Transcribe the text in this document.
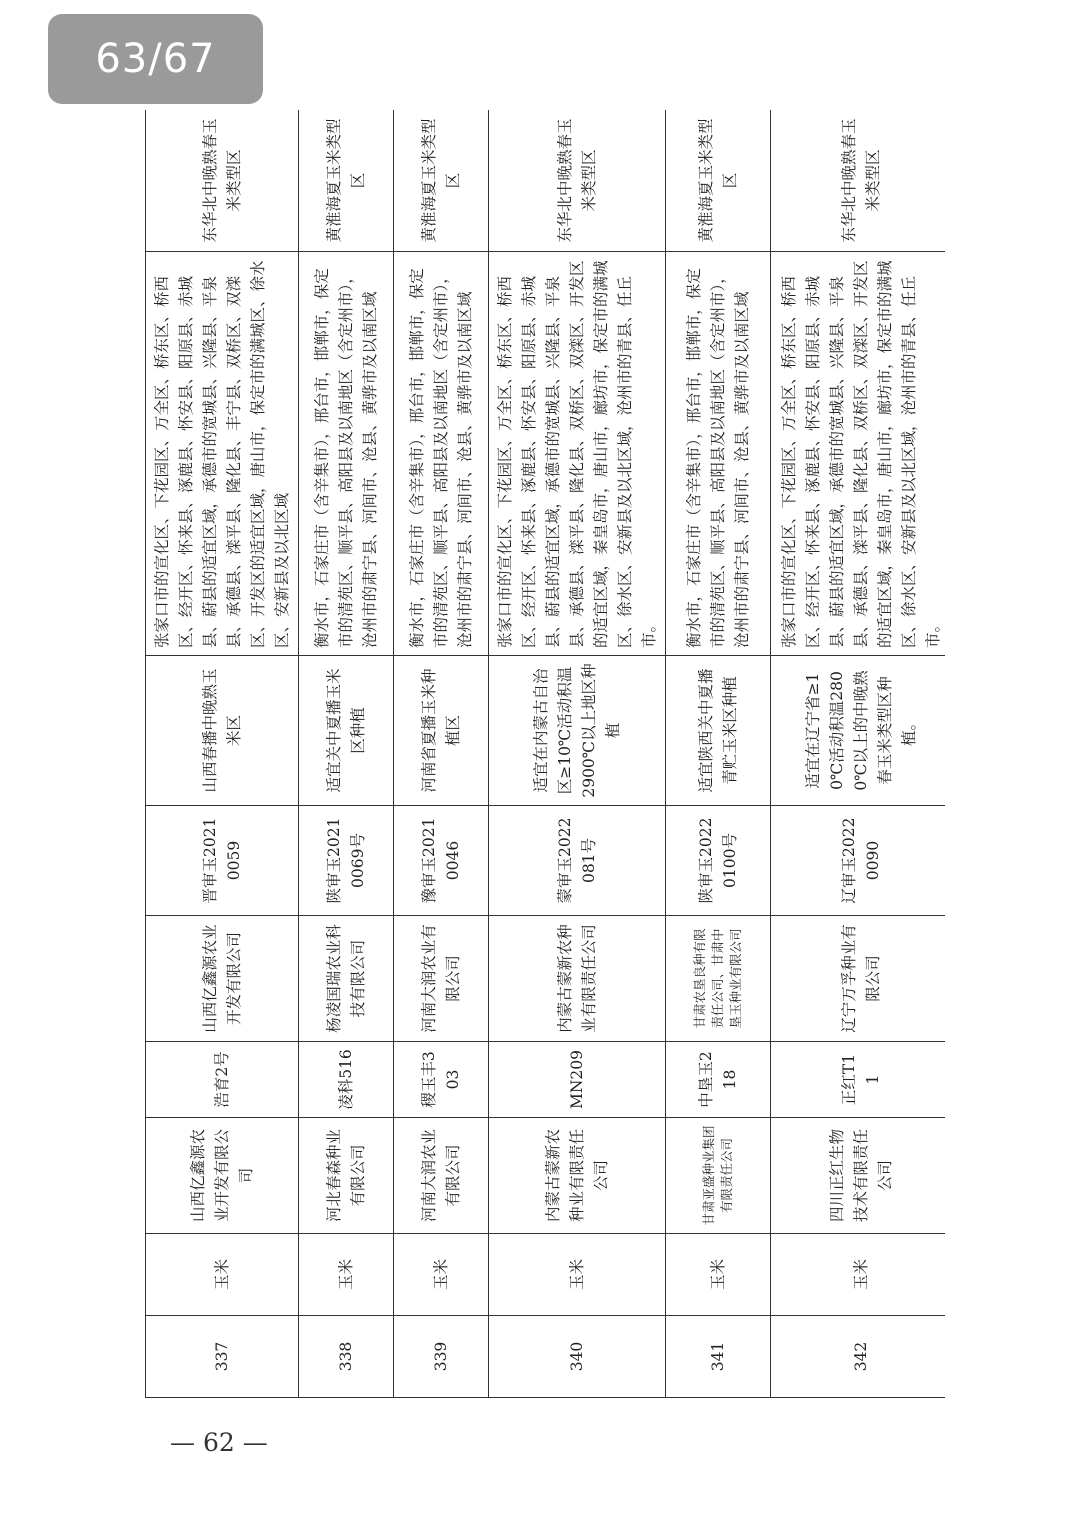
63/67
337	玉米	山西亿鑫源农业开发有限公司	浩育2号	山西亿鑫源农业开发有限公司	晋审玉20210059	山西春播中晚熟玉米区	张家口市的宣化区、下花园区、万全区、桥东区、桥西区、经开区、怀来县、涿鹿县、怀安县、阳原县、赤城县、蔚县的适宜区域，承德市的宽城县、兴隆县、平泉县、承德县、滦平县、隆化县、丰宁县、双桥区、双滦区、开发区的适宜区域，唐山市，保定市的满城区、徐水区、安新县及以北区域	东华北中晚熟春玉米类型区
338	玉米	河北春森种业有限公司	凌科516	杨凌国瑞农业科技有限公司	陕审玉20210069号	适宜关中夏播玉米区种植	衡水市，石家庄市（含辛集市），邢台市，邯郸市，保定市的清苑区、顺平县、高阳县及以南地区（含定州市），沧州市的肃宁县、河间市、沧县、黄骅市及以南区域	黄淮海夏玉米类型区
339	玉米	河南大润农业有限公司	稷玉丰303	河南大润农业有限公司	豫审玉20210046	河南省夏播玉米种植区	衡水市，石家庄市（含辛集市），邢台市，邯郸市，保定市的清苑区、顺平县、高阳县及以南地区（含定州市），沧州市的肃宁县、河间市、沧县、黄骅市及以南区域	黄淮海夏玉米类型区
340	玉米	内蒙古蒙新农种业有限责任公司	MN209	内蒙古蒙新农种业有限责任公司	蒙审玉2022081号	适宜在内蒙古自治区≥10℃活动积温 2900℃以上地区种植	张家口市的宣化区、下花园区、万全区、桥东区、桥西区、经开区、怀来县、涿鹿县、怀安县、阳原县、赤城县、蔚县的适宜区域，承德市的宽城县、兴隆县、平泉县、承德县、滦平县、隆化县、双桥区、双滦区、开发区的适宜区域，秦皇岛市，唐山市，廊坊市，保定市的满城区、徐水区、安新县及以北区域，沧州市的青县、任丘市。	东华北中晚熟春玉米类型区
341	玉米	甘肃亚盛种业集团有限责任公司	中垦玉218	甘肃农垦良种有限责任公司、甘肃中垦玉种业有限公司	陕审玉20220100号	适宜陕西关中夏播青贮玉米区种植	衡水市，石家庄市（含辛集市），邢台市，邯郸市，保定市的清苑区、顺平县、高阳县及以南地区（含定州市），沧州市的肃宁县、河间市、沧县、黄骅市及以南区域	黄淮海夏玉米类型区
342	玉米	四川正红生物技术有限责任公司	正红T11	辽宁万孚种业有限公司	辽审玉20220090	适宜在辽宁省≥10℃活动积温2800℃以上的中晚熟春玉米类型区种植。	张家口市的宣化区、下花园区、万全区、桥东区、桥西区、经开区、怀来县、涿鹿县、怀安县、阳原县、赤城县、蔚县的适宜区域，承德市的宽城县、兴隆县、平泉县、承德县、滦平县、隆化县、双桥区、双滦区、开发区的适宜区域，秦皇岛市，唐山市，廊坊市，保定市的满城区、徐水区、安新县及以北区域，沧州市的青县、任丘市。	东华北中晚熟春玉米类型区
— 62 —
